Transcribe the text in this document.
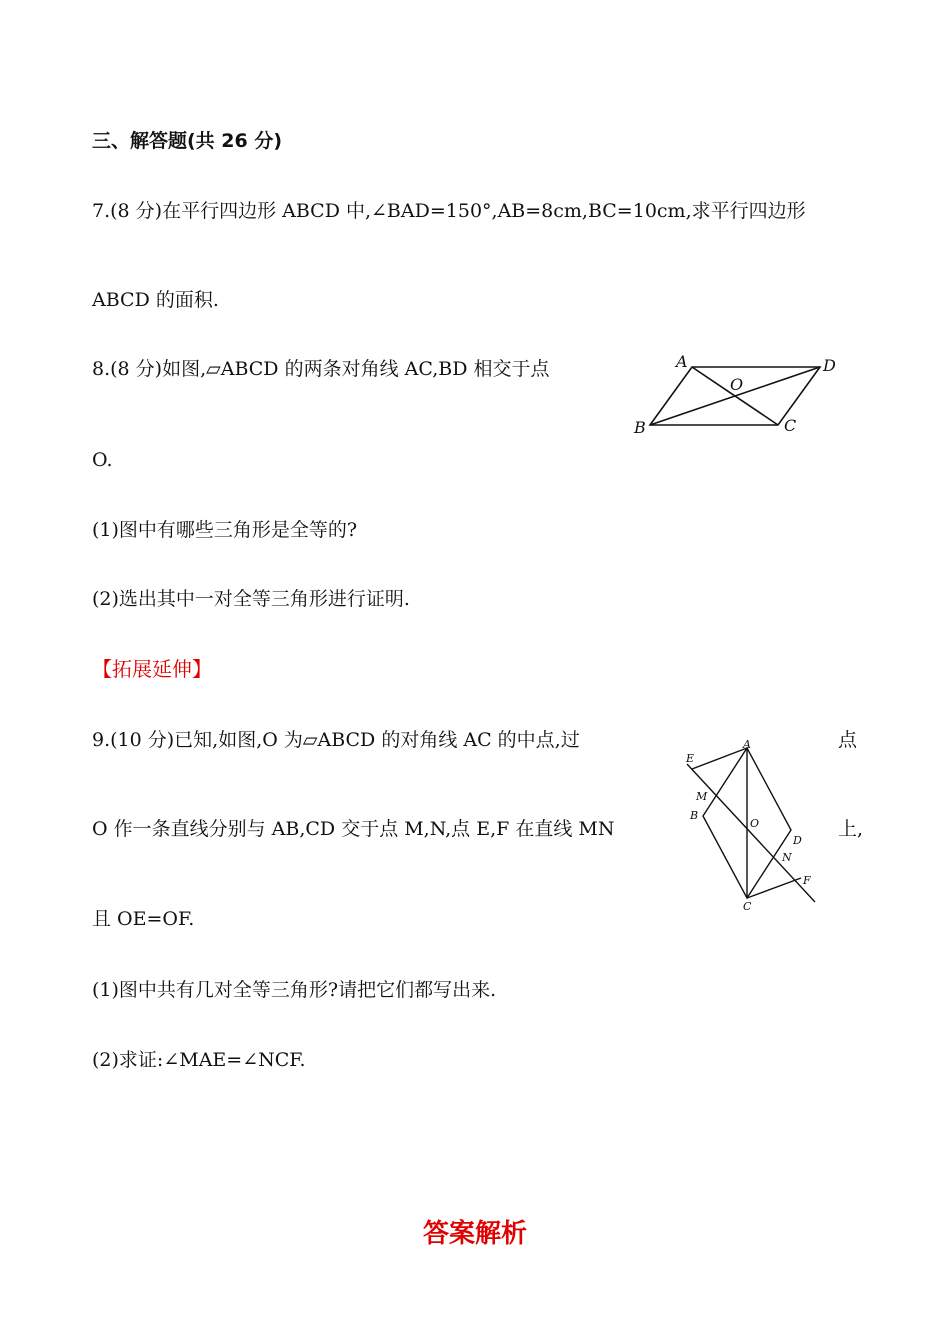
三、解答题(共 26 分)
7.(8 分)在平行四边形 ABCD 中,∠BAD=150°,AB=8cm,BC=10cm,求平行四边形
ABCD 的面积.
8.(8 分)如图,▱ABCD 的两条对角线 AC,BD 相交于点
O.
(1)图中有哪些三角形是全等的?
(2)选出其中一对全等三角形进行证明.
A	D
O
B	C
【拓展延伸】
9.(10 分)已知,如图,O 为▱ABCD 的对角线 AC 的中点,过	点
O 作一条直线分别与 AB,CD 交于点 M,N,点 E,F 在直线 MN	上,
且 OE=OF.
(1)图中共有几对全等三角形?请把它们都写出来.
(2)求证:∠MAE=∠NCF.
A
E
M
B
O
D
N
F
C
答案解析
